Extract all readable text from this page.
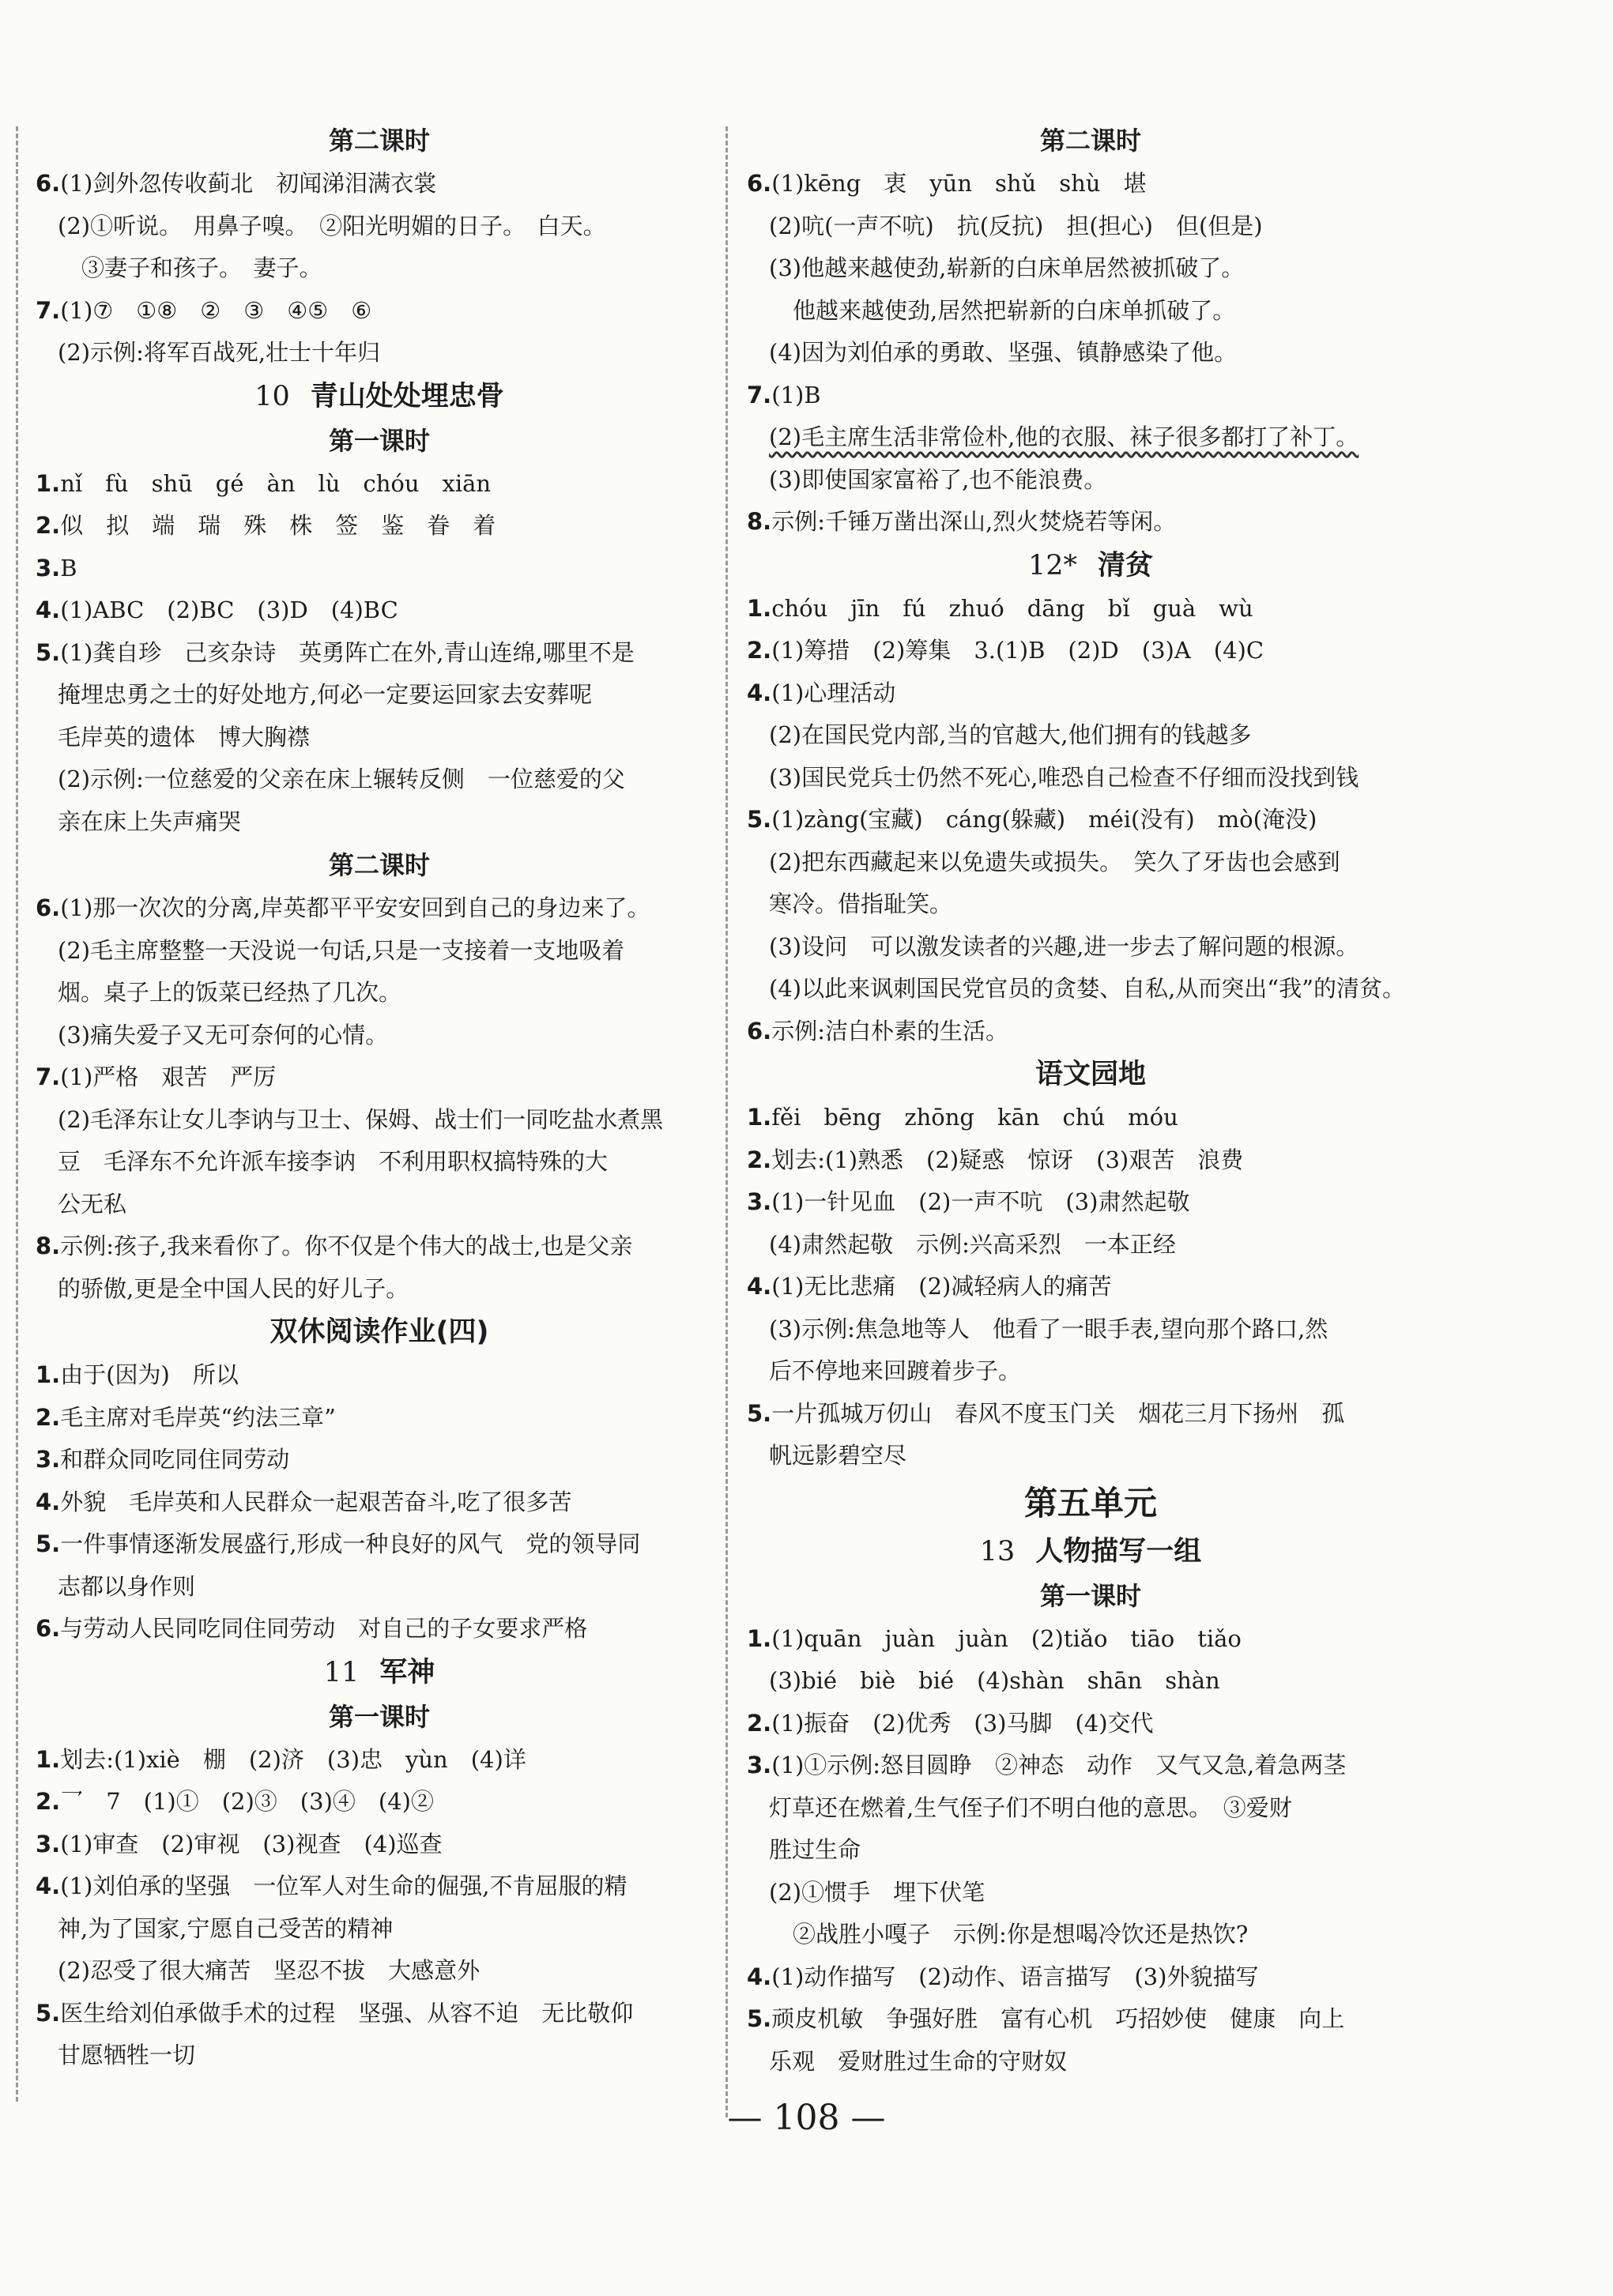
第二课时
6.(1)剑外忽传收蓟北　初闻涕泪满衣裳
(2)①听说。　用鼻子嗅。　②阳光明媚的日子。　白天。
③妻子和孩子。　妻子。
7.(1)⑦　①⑧　②　③　④⑤　⑥
(2)示例:将军百战死,壮士十年归
10 青山处处埋忠骨
第一课时
1.nǐ　fù　shū　gé　àn　lù　chóu　xiān
2.似　拟　端　瑞　殊　株　签　鉴　眷　着
3.B
4.(1)ABC　(2)BC　(3)D　(4)BC
5.(1)龚自珍　己亥杂诗　英勇阵亡在外,青山连绵,哪里不是
掩埋忠勇之士的好处地方,何必一定要运回家去安葬呢
毛岸英的遗体　博大胸襟
(2)示例:一位慈爱的父亲在床上辗转反侧　一位慈爱的父
亲在床上失声痛哭
第二课时
6.(1)那一次次的分离,岸英都平平安安回到自己的身边来了。
(2)毛主席整整一天没说一句话,只是一支接着一支地吸着
烟。桌子上的饭菜已经热了几次。
(3)痛失爱子又无可奈何的心情。
7.(1)严格　艰苦　严厉
(2)毛泽东让女儿李讷与卫士、保姆、战士们一同吃盐水煮黑
豆　毛泽东不允许派车接李讷　不利用职权搞特殊的大
公无私
8.示例:孩子,我来看你了。你不仅是个伟大的战士,也是父亲
的骄傲,更是全中国人民的好儿子。
双休阅读作业(四)
1.由于(因为)　所以
2.毛主席对毛岸英“约法三章”
3.和群众同吃同住同劳动
4.外貌　毛岸英和人民群众一起艰苦奋斗,吃了很多苦
5.一件事情逐渐发展盛行,形成一种良好的风气　党的领导同
志都以身作则
6.与劳动人民同吃同住同劳动　对自己的子女要求严格
11 军神
第一课时
1.划去:(1)xiè　棚　(2)济　(3)忠　yùn　(4)详
2.乛　7　(1)①　(2)③　(3)④　(4)②
3.(1)审查　(2)审视　(3)视查　(4)巡查
4.(1)刘伯承的坚强　一位军人对生命的倔强,不肯屈服的精
神,为了国家,宁愿自己受苦的精神
(2)忍受了很大痛苦　坚忍不拔　大感意外
5.医生给刘伯承做手术的过程　坚强、从容不迫　无比敬仰
甘愿牺牲一切
第二课时
6.(1)kēng　衷　yūn　shǔ　shù　堪
(2)吭(一声不吭)　抗(反抗)　担(担心)　但(但是)
(3)他越来越使劲,崭新的白床单居然被抓破了。
他越来越使劲,居然把崭新的白床单抓破了。
(4)因为刘伯承的勇敢、坚强、镇静感染了他。
7.(1)B
(2)毛主席生活非常俭朴,他的衣服、袜子很多都打了补丁。
(3)即使国家富裕了,也不能浪费。
8.示例:千锤万凿出深山,烈火焚烧若等闲。
12* 清贫
1.chóu　jīn　fú　zhuó　dāng　bǐ　guà　wù
2.(1)筹措　(2)筹集　3.(1)B　(2)D　(3)A　(4)C
4.(1)心理活动
(2)在国民党内部,当的官越大,他们拥有的钱越多
(3)国民党兵士仍然不死心,唯恐自己检查不仔细而没找到钱
5.(1)zàng(宝藏)　cáng(躲藏)　méi(没有)　mò(淹没)
(2)把东西藏起来以免遗失或损失。　笑久了牙齿也会感到
寒冷。借指耻笑。
(3)设问　可以激发读者的兴趣,进一步去了解问题的根源。
(4)以此来讽刺国民党官员的贪婪、自私,从而突出“我”的清贫。
6.示例:洁白朴素的生活。
语文园地
1.fěi　bēng　zhōng　kān　chú　móu
2.划去:(1)熟悉　(2)疑惑　惊讶　(3)艰苦　浪费
3.(1)一针见血　(2)一声不吭　(3)肃然起敬
(4)肃然起敬　示例:兴高采烈　一本正经
4.(1)无比悲痛　(2)减轻病人的痛苦
(3)示例:焦急地等人　他看了一眼手表,望向那个路口,然
后不停地来回踱着步子。
5.一片孤城万仞山　春风不度玉门关　烟花三月下扬州　孤
帆远影碧空尽
第五单元
13 人物描写一组
第一课时
1.(1)quān　juàn　juàn　(2)tiǎo　tiāo　tiǎo
(3)bié　biè　bié　(4)shàn　shān　shàn
2.(1)振奋　(2)优秀　(3)马脚　(4)交代
3.(1)①示例:怒目圆睁　②神态　动作　又气又急,着急两茎
灯草还在燃着,生气侄子们不明白他的意思。　③爱财
胜过生命
(2)①惯手　埋下伏笔
②战胜小嘎子　示例:你是想喝冷饮还是热饮?
4.(1)动作描写　(2)动作、语言描写　(3)外貌描写
5.顽皮机敏　争强好胜　富有心机　巧招妙使　健康　向上
乐观　爱财胜过生命的守财奴
— 108 —
